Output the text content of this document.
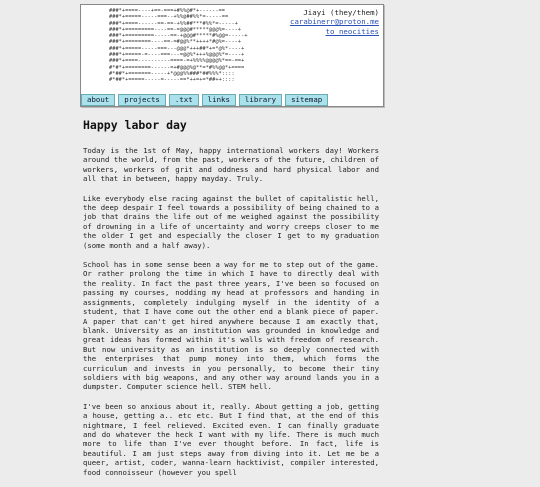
###*+====----+==-===+#%%@#*+------==
###*+=====-----===--+%%@##%%*=-----==
###*+====------==-==-+%%##***#%%*=-----+
###*+=========----==-=@@@#*****@@@%=----+
###*+=========-----==-+@@@#*****#%@@=-----+
###*+========----==-=#@@%**++++*#@%=----+
###*+=====-----===---@@@*+++##*+=*@%*----+
###*+=====-=----===---=@@%*+++%@@@%*=----+
###*+====----------====-=+%%%%@@@@%*==-==+
#*#*+========------=+#@@@%@**=*#%%@@*+====
#*##*+=======-----+*@@@%%###*##%%%*::::
#*##*+=====-----=-----==*++=+=*##++::::
Jiayi (they/them)
carabinerr@proton.me
to neocities
about	projects	.txt	links	library	sitemap
Happy labor day

Today is the 1st of May, happy international workers day! Workers around the world, from the past, workers of the future, children of workers, workers of grit and oddness and hard physical labor and all that in between, happy mayday. Truly.

Like everybody else racing against the bullet of capitalistic hell, the deep despair I feel towards a possibility of being chained to a job that drains the life out of me weighed against the possibility of drowning in a life of uncertainty and worry creeps closer to me the older I get and especially the closer I get to my graduation (some month and a half away).

School has in some sense been a way for me to step out of the game. Or rather prolong the time in which I have to directly deal with the reality. In fact the past three years, I've been so focused on passing my courses, nodding my head at professors and handing in assignments, completely indulging myself in the identity of a student, that I have come out the other end a blank piece of paper. A paper that can't get hired anywhere because I am exactly that, blank. University as an institution was grounded in knowledge and great ideas has formed within it's walls with freedom of research. But now university as an institution is so deeply connected with the enterprises that pump money into them, which forms the curriculum and invests in you personally, to become their tiny soldiers with big weapons, and any other way around lands you in a dumpster. Computer science hell. STEM hell.

I've been so anxious about it, really. About getting a job, getting a house, getting a.. etc etc. But I find that, at the end of this nightmare, I feel relieved. Excited even. I can finally graduate and do whatever the heck I want with my life. There is much much more to life than I've ever thought before. In fact, life is beautiful. I am just steps away from diving into it. Let me be a queer, artist, coder, wanna-learn hacktivist, compiler interested, food connoisseur (however you spell
